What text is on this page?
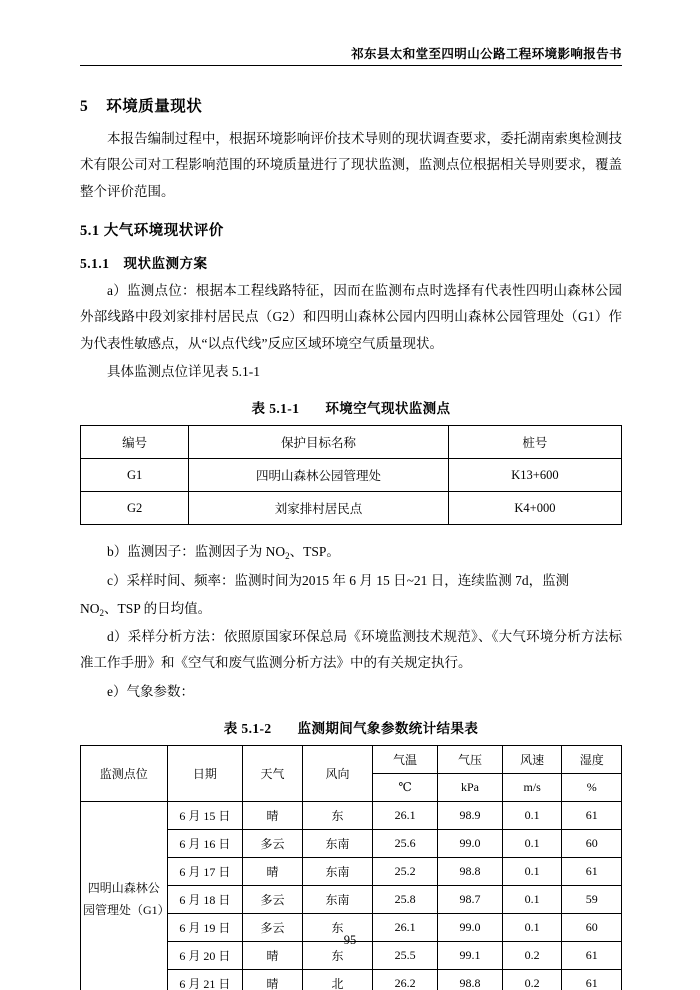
祁东县太和堂至四明山公路工程环境影响报告书
5 环境质量现状

本报告编制过程中，根据环境影响评价技术导则的现状调查要求，委托湖南索奥检测技术有限公司对工程影响范围的环境质量进行了现状监测，监测点位根据相关导则要求，覆盖整个评价范围。

5.1 大气环境现状评价
5.1.1 现状监测方案

a）监测点位：根据本工程线路特征，因而在监测布点时选择有代表性四明山森林公园外部线路中段刘家排村居民点（G2）和四明山森林公园内四明山森林公园管理处（G1）作为代表性敏感点，从“以点代线”反应区域环境空气质量现状。

具体监测点位详见表 5.1-1

表 5.1-1 环境空气现状监测点
编号	保护目标名称	桩号
G1	四明山森林公园管理处	K13+600
G2	刘家排村居民点	K4+000

b）监测因子：监测因子为 $NO_2$、TSP。

c）采样时间、频率：监测时间为2015 年 6 月 15 日~21 日，连续监测 7d，监测

$NO_2$、TSP 的日均值。

d）采样分析方法：依照原国家环保总局《环境监测技术规范》、《大气环境分析方法标准工作手册》和《空气和废气监测分析方法》中的有关规定执行。

e）气象参数：

表 5.1-2 监测期间气象参数统计结果表
监测点位	日期	天气	风向	气温	气压	风速	湿度
				℃	kPa	m/s	%
四明山森林公园管理处（G1）	6 月 15 日	晴	东	26.1	98.9	0.1	61
	6 月 16 日	多云	东南	25.6	99.0	0.1	60
	6 月 17 日	晴	东南	25.2	98.8	0.1	61
	6 月 18 日	多云	东南	25.8	98.7	0.1	59
	6 月 19 日	多云	东	26.1	99.0	0.1	60
	6 月 20 日	晴	东	25.5	99.1	0.2	61
	6 月 21 日	晴	北	26.2	98.8	0.2	61
95
